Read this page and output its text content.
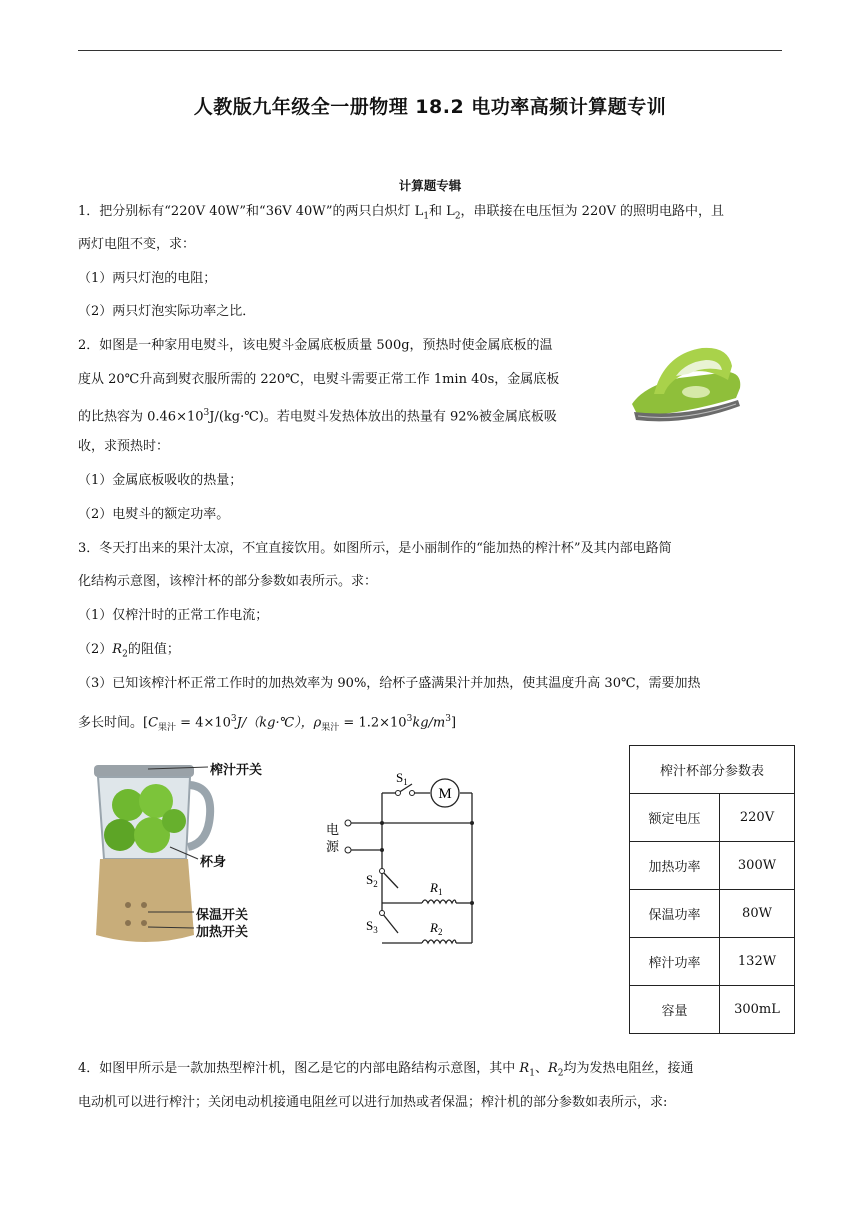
人教版九年级全一册物理 18.2 电功率高频计算题专训
计算题专辑
1．把分别标有“220V 40W”和“36V 40W”的两只白炽灯 $L_1$和 $L_2$，串联接在电压恒为 220V 的照明电路中，且
两灯电阻不变，求：
（1）两只灯泡的电阻；
（2）两只灯泡实际功率之比．
2．如图是一种家用电熨斗，该电熨斗金属底板质量 500g，预热时使金属底板的温
度从 20℃升高到熨衣服所需的 220℃，电熨斗需要正常工作 1min 40s，金属底板
的比热容为 $0.46\times 10^3J/(kg\cdot℃)$。若电熨斗发热体放出的热量有 92%被金属底板吸
收，求预热时：
（1）金属底板吸收的热量；
（2）电熨斗的额定功率。
3．冬天打出来的果汁太凉，不宜直接饮用。如图所示，是小丽制作的“能加热的榨汁杯”及其内部电路简
化结构示意图，该榨汁杯的部分参数如表所示。求：
（1）仅榨汁时的正常工作电流；
$(2)R_2$的阻值；
（3）已知该榨汁杯正常工作时的加热效率为 90%，给杯子盛满果汁并加热，使其温度升高 30℃，需要加热
多长时间。[$C_{果汁}$ = $4\times 10^3J/(kg\cdot℃)$，$\rho_{果汁} = 1.2\times 10^3kg/m^3$]
榨汁开关
杯身
保温开关
加热开关
M
$S_1$
$S_2$
$S_3$
$R_1$
$R_2$
电
源
榨汁杯部分参数表	
额定电压	220V
加热功率	300W
保温功率	80W
榨汁功率	132W
容量	300mL
4．如图甲所示是一款加热型榨汁机，图乙是它的内部电路结构示意图，其中 $R_1$、$R_2$均为发热电阻丝，接通
电动机可以进行榨汁；关闭电动机接通电阻丝可以进行加热或者保温；榨汁机的部分参数如表所示，求:
